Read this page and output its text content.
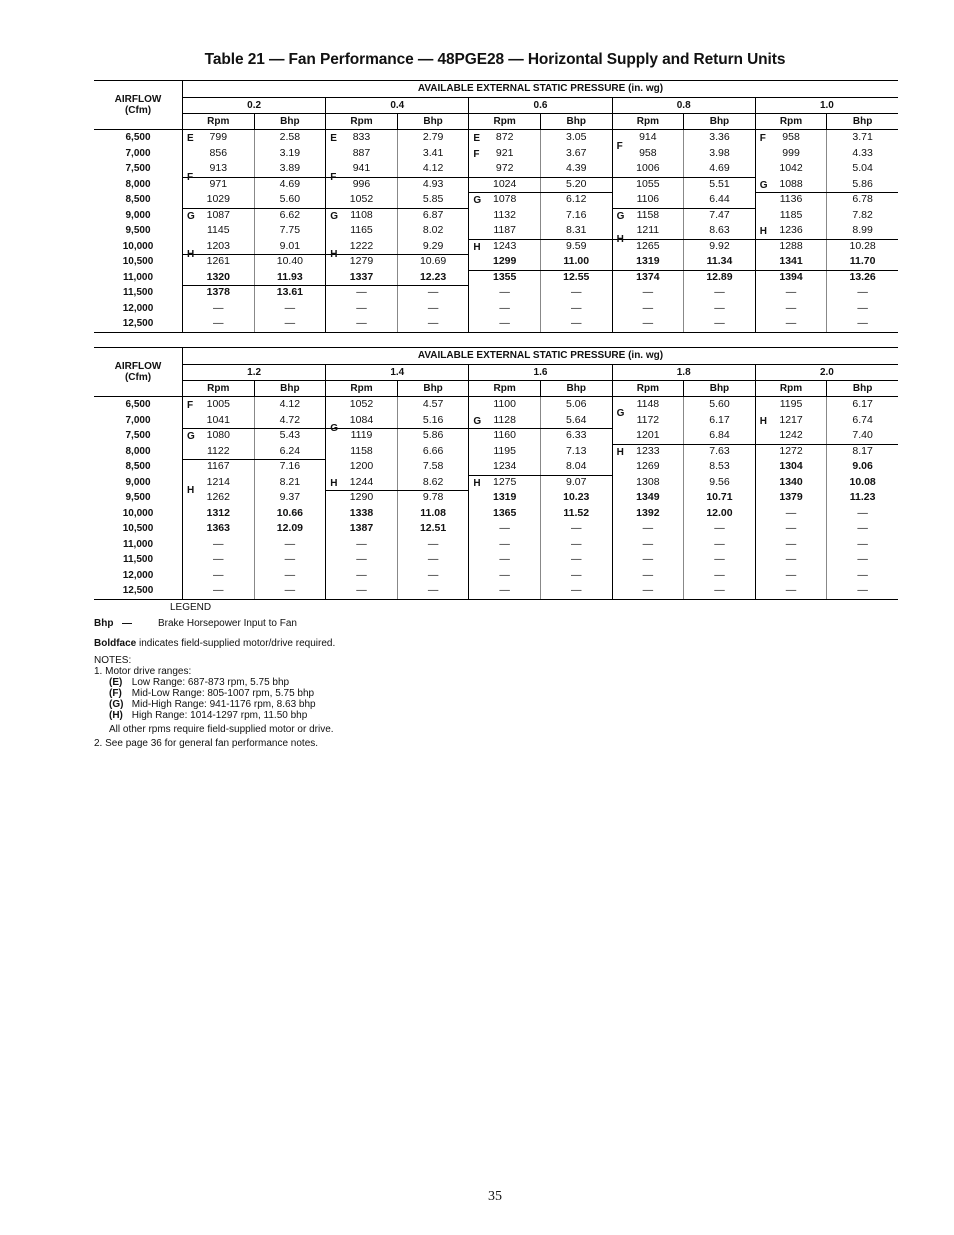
Table 21 — Fan Performance — 48PGE28 — Horizontal Supply and Return Units
AIRFLOW
(Cfm)
AVAILABLE EXTERNAL STATIC PRESSURE (in. wg)
0.2	0.4	0.6	0.8	1.0
Rpm	Bhp	Rpm	Bhp	Rpm	Bhp	Rpm	Bhp	Rpm	Bhp
6,500	799	2.58	833	2.79	872	3.05	914	3.36	958	3.71
7,000	856	3.19	887	3.41	921	3.67	958	3.98	999	4.33
7,500	913	3.89	941	4.12	972	4.39	1006	4.69	1042	5.04
8,000	971	4.69	996	4.93	1024	5.20	1055	5.51	1088	5.86
8,500	1029	5.60	1052	5.85	1078	6.12	1106	6.44	1136	6.78
9,000	1087	6.62	1108	6.87	1132	7.16	1158	7.47	1185	7.82
9,500	1145	7.75	1165	8.02	1187	8.31	1211	8.63	1236	8.99
10,000	1203	9.01	1222	9.29	1243	9.59	1265	9.92	1288	10.28
10,500	1261	10.40	1279	10.69	1299	11.00	1319	11.34	1341	11.70
11,000	1320	11.93	1337	12.23	1355	12.55	1374	12.89	1394	13.26
11,500	1378	13.61	—	—	—	—	—	—	—	—
12,000	—	—	—	—	—	—	—	—	—	—
12,500	—	—	—	—	—	—	—	—	—	—
E
F
G
H
E
F
G
H
E
F
G
H
F
G
H
F
G
H
AIRFLOW
(Cfm)
AVAILABLE EXTERNAL STATIC PRESSURE (in. wg)
1.2	1.4	1.6	1.8	2.0
Rpm	Bhp	Rpm	Bhp	Rpm	Bhp	Rpm	Bhp	Rpm	Bhp
6,500	1005	4.12	1052	4.57	1100	5.06	1148	5.60	1195	6.17
7,000	1041	4.72	1084	5.16	1128	5.64	1172	6.17	1217	6.74
7,500	1080	5.43	1119	5.86	1160	6.33	1201	6.84	1242	7.40
8,000	1122	6.24	1158	6.66	1195	7.13	1233	7.63	1272	8.17
8,500	1167	7.16	1200	7.58	1234	8.04	1269	8.53	1304	9.06
9,000	1214	8.21	1244	8.62	1275	9.07	1308	9.56	1340	10.08
9,500	1262	9.37	1290	9.78	1319	10.23	1349	10.71	1379	11.23
10,000	1312	10.66	1338	11.08	1365	11.52	1392	12.00	—	—
10,500	1363	12.09	1387	12.51	—	—	—	—	—	—
11,000	—	—	—	—	—	—	—	—	—	—
11,500	—	—	—	—	—	—	—	—	—	—
12,000	—	—	—	—	—	—	—	—	—	—
12,500	—	—	—	—	—	—	—	—	—	—
F
G
H
G
H
G
H
G
H
H
LEGEND
Bhp —	Brake Horsepower Input to Fan
Boldface indicates field-supplied motor/drive required.
NOTES:
1. Motor drive ranges:
(E) Low Range: 687-873 rpm, 5.75 bhp
(F) Mid-Low Range: 805-1007 rpm, 5.75 bhp
(G) Mid-High Range: 941-1176 rpm, 8.63 bhp
(H) High Range: 1014-1297 rpm, 11.50 bhp
All other rpms require field-supplied motor or drive.
2. See page 36 for general fan performance notes.
35
